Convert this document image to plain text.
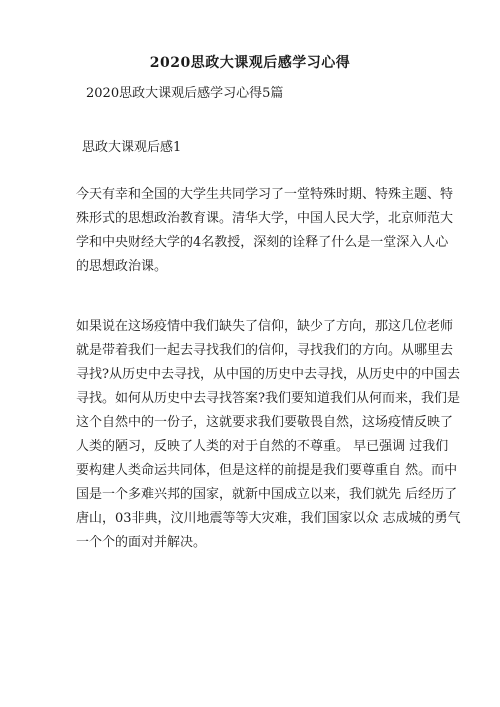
2020思政大课观后感学习心得
2020思政大课观后感学习心得5篇
思政大课观后感1
今天有幸和全国的大学生共同学习了一堂特殊时期、特殊主题、特
殊形式的思想政治教育课。清华大学，中国人民大学，北京师范大
学和中央财经大学的4名教授，深刻的诠释了什么是一堂深入人心
的思想政治课。
如果说在这场疫情中我们缺失了信仰，缺少了方向，那这几位老师
就是带着我们一起去寻找我们的信仰，寻找我们的方向。从哪里去
寻找?从历史中去寻找，从中国的历史中去寻找，从历史中的中国去
寻找。如何从历史中去寻找答案?我们要知道我们从何而来，我们是
这个自然中的一份子，这就要求我们要敬畏自然，这场疫情反映了
人类的陋习，反映了人类的对于自然的不尊重。 早已强调 过我们
要构建人类命运共同体，但是这样的前提是我们要尊重自 然。而中
国是一个多难兴邦的国家，就新中国成立以来，我们就先 后经历了
唐山，03非典，汶川地震等等大灾难，我们国家以众 志成城的勇气
一个个的面对并解决。
